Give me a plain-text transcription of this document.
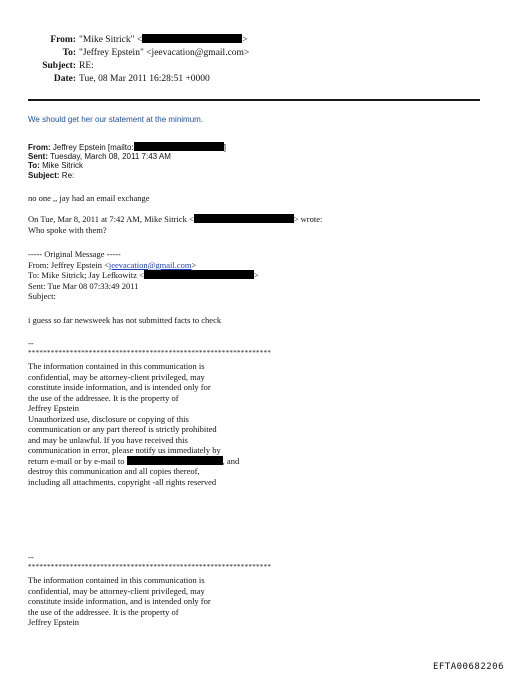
From: "Mike Sitrick" <	>
To: "Jeffrey Epstein" <jeevacation@gmail.com>
Subject: RE:
Date: Tue, 08 Mar 2011 16:28:51 +0000
We should get her our statement at the minimum.
From: Jeffrey Epstein [mailto:	]
Sent: Tuesday, March 08, 2011 7:43 AM
To: Mike Sitrick
Subject: Re:
no one ,, jay had an email exchange
On Tue, Mar 8, 2011 at 7:42 AM, Mike Sitrick <	> wrote:
Who spoke with them?
----- Original Message -----
From: Jeffrey Epstein <jeevacation@gmail.com>
To: Mike Sitrick; Jay Lefkowitz <	>
Sent: Tue Mar 08 07:33:49 2011
Subject:
i guess so far newsweek has not submitted facts to check
--
****************************************************************
The information contained in this communication is
confidential, may be attorney-client privileged, may
constitute inside information, and is intended only for
the use of the addressee. It is the property of
Jeffrey Epstein
Unauthorized use, disclosure or copying of this
communication or any part thereof is strictly prohibited
and may be unlawful. If you have received this
communication in error, please notify us immediately by
return e-mail or by e-mail to	, and
destroy this communication and all copies thereof,
including all attachments. copyright -all rights reserved
--
****************************************************************
The information contained in this communication is
confidential, may be attorney-client privileged, may
constitute inside information, and is intended only for
the use of the addressee. It is the property of
Jeffrey Epstein
EFTA00682206
